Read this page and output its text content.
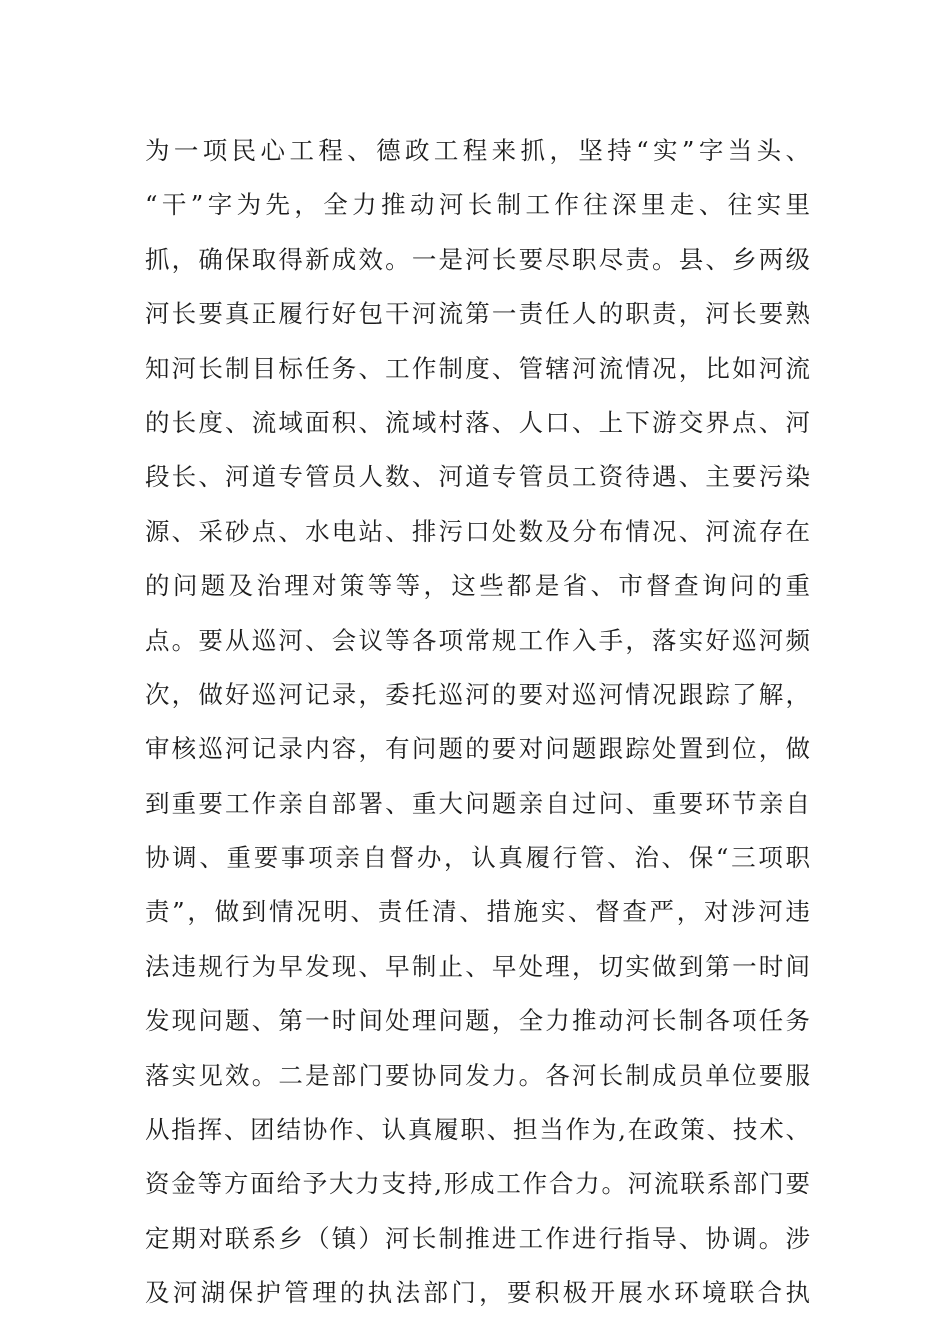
为一项民心工程、德政工程来抓，坚持“实”字当头、
“干”字为先，全力推动河长制工作往深里走、往实里
抓，确保取得新成效。一是河长要尽职尽责。县、乡两级
河长要真正履行好包干河流第一责任人的职责，河长要熟
知河长制目标任务、工作制度、管辖河流情况，比如河流
的长度、流域面积、流域村落、人口、上下游交界点、河
段长、河道专管员人数、河道专管员工资待遇、主要污染
源、采砂点、水电站、排污口处数及分布情况、河流存在
的问题及治理对策等等，这些都是省、市督查询问的重
点。要从巡河、会议等各项常规工作入手，落实好巡河频
次，做好巡河记录，委托巡河的要对巡河情况跟踪了解，
审核巡河记录内容，有问题的要对问题跟踪处置到位，做
到重要工作亲自部署、重大问题亲自过问、重要环节亲自
协调、重要事项亲自督办，认真履行管、治、保“三项职
责”，做到情况明、责任清、措施实、督查严，对涉河违
法违规行为早发现、早制止、早处理，切实做到第一时间
发现问题、第一时间处理问题，全力推动河长制各项任务
落实见效。二是部门要协同发力。各河长制成员单位要服
从指挥、团结协作、认真履职、担当作为,在政策、技术、
资金等方面给予大力支持,形成工作合力。河流联系部门要
定期对联系乡（镇）河长制推进工作进行指导、协调。涉
及河湖保护管理的执法部门，要积极开展水环境联合执
